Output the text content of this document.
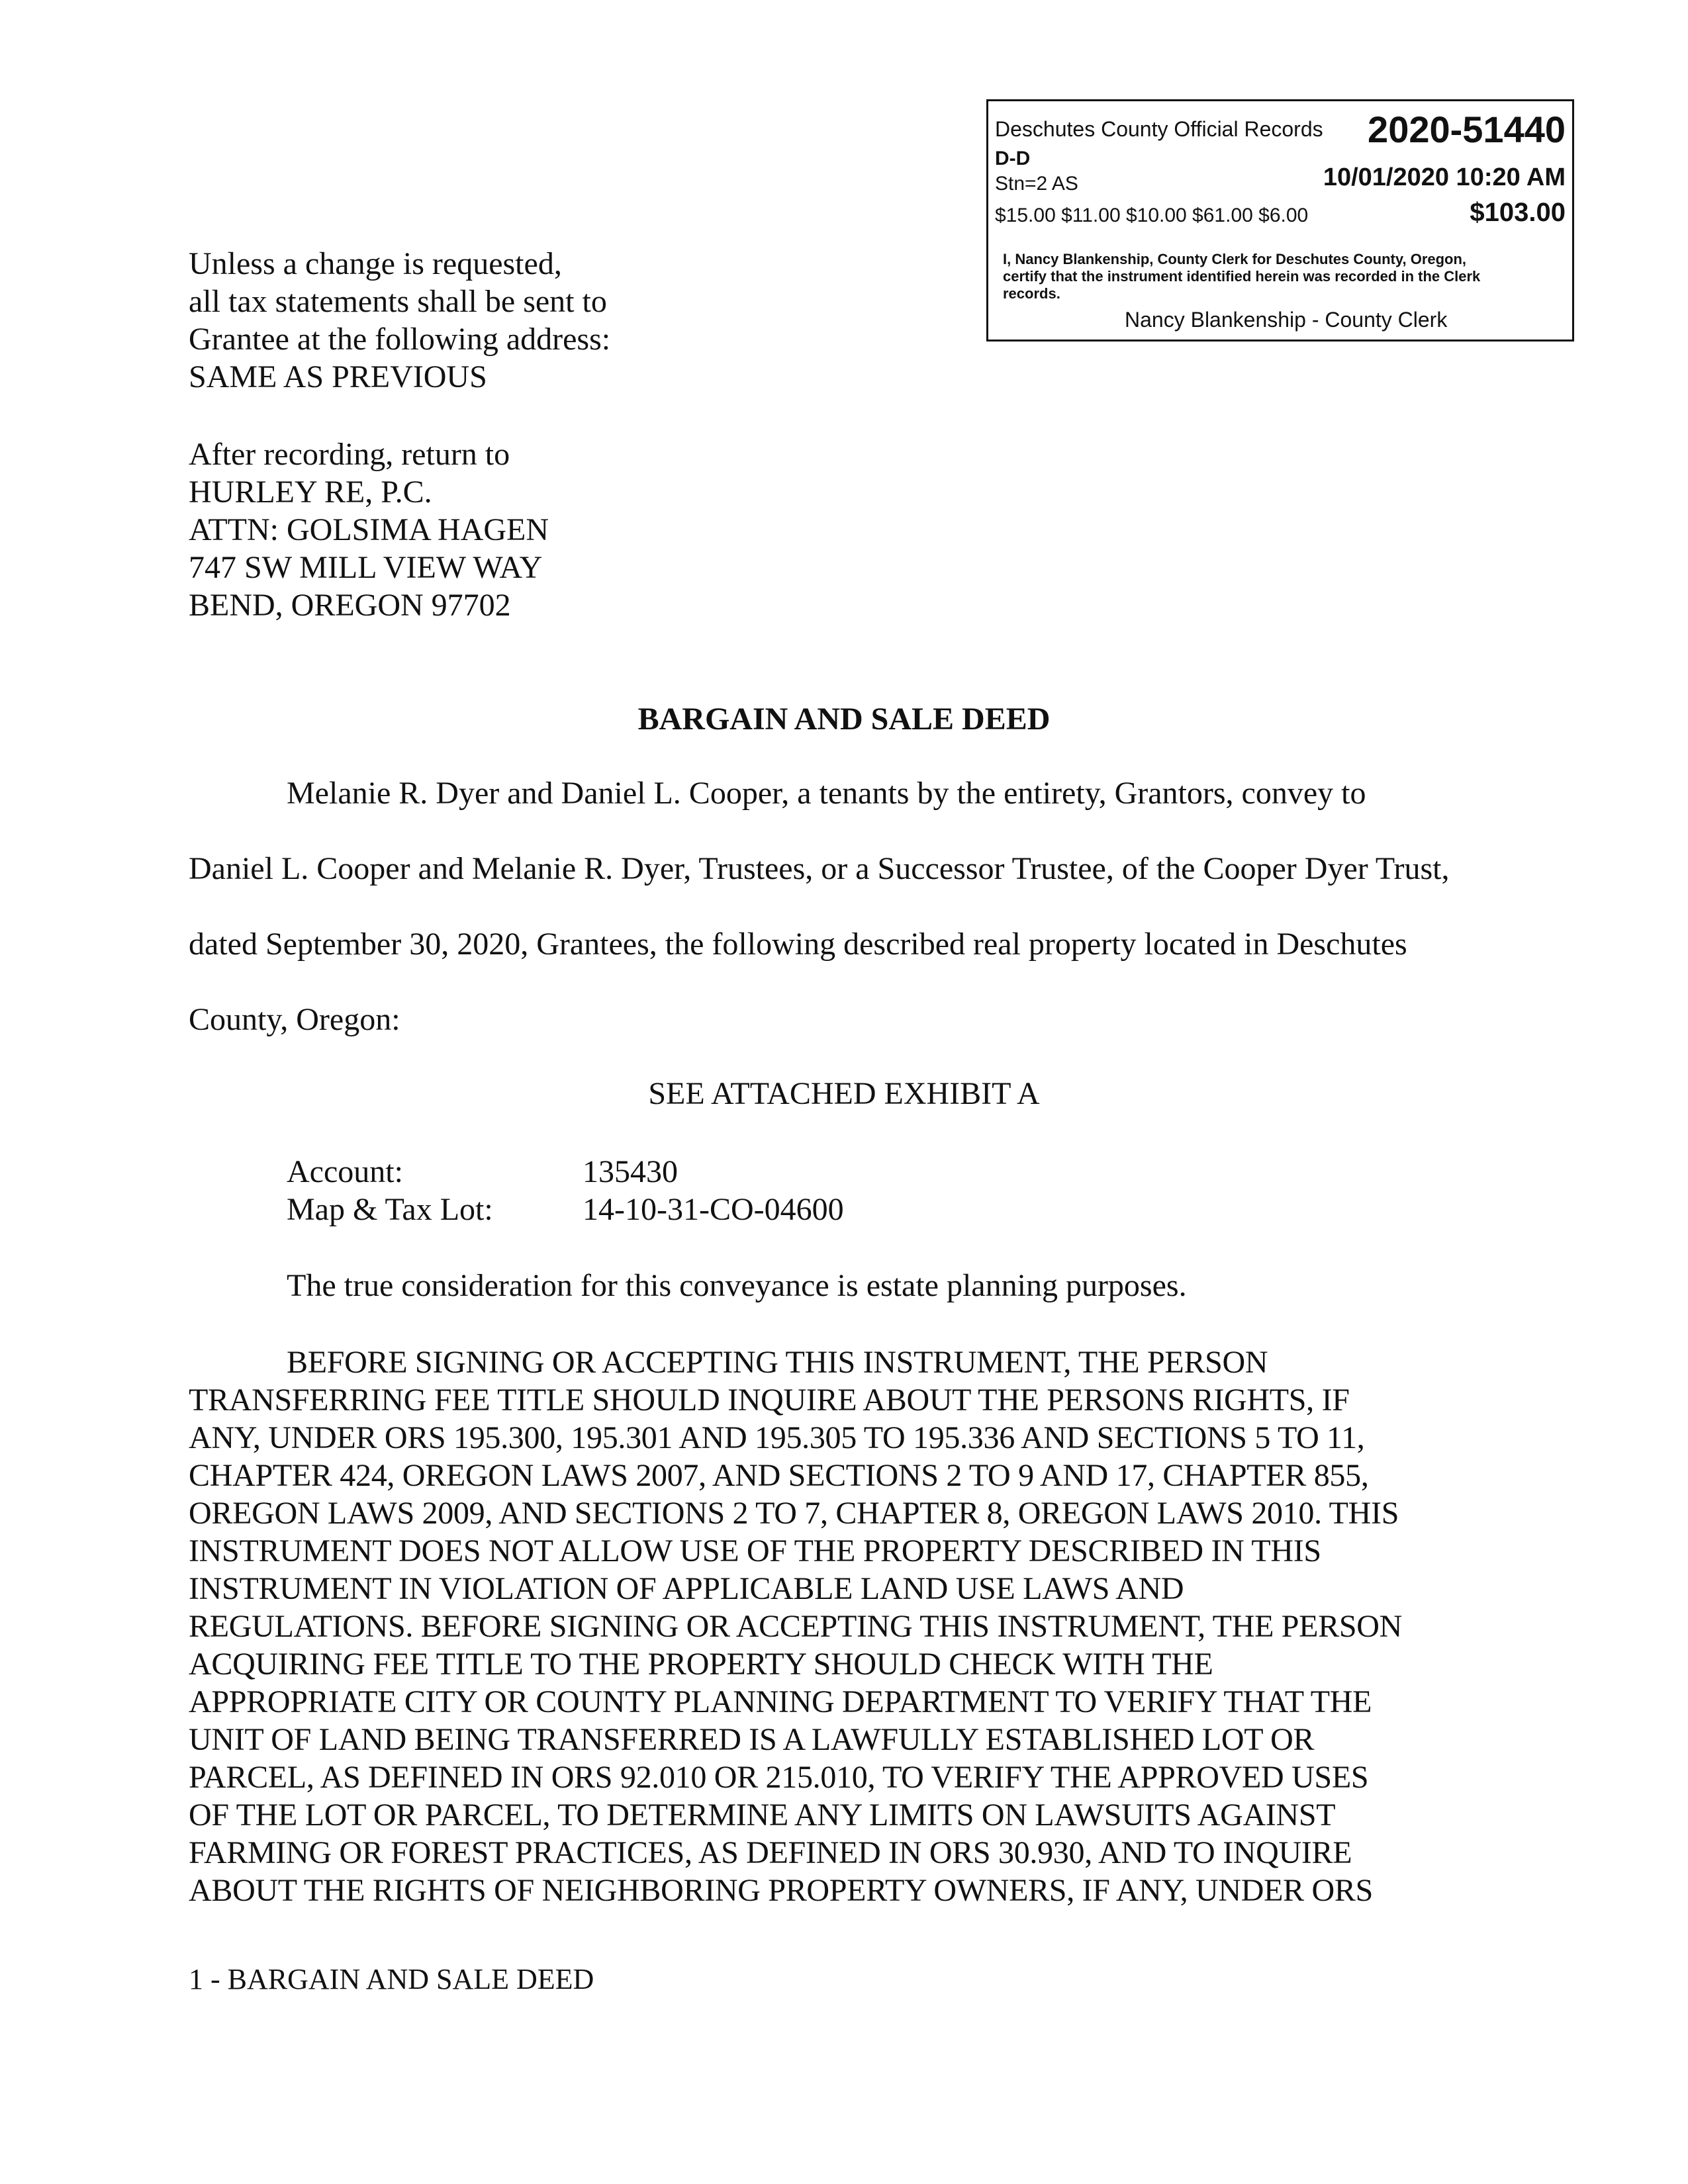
Deschutes County Official Records 2020-51440
D-D
Stn=2 AS	10/01/2020 10:20 AM
$15.00 $11.00 $10.00 $61.00 $6.00	$103.00
I, Nancy Blankenship, County Clerk for Deschutes County, Oregon,
certify that the instrument identified herein was recorded in the Clerk
records.
Nancy Blankenship - County Clerk
Unless a change is requested,
all tax statements shall be sent to
Grantee at the following address:
SAME AS PREVIOUS
After recording, return to
HURLEY RE, P.C.
ATTN: GOLSIMA HAGEN
747 SW MILL VIEW WAY
BEND, OREGON 97702
BARGAIN AND SALE DEED
Melanie R. Dyer and Daniel L. Cooper, a tenants by the entirety, Grantors, convey to
Daniel L. Cooper and Melanie R. Dyer, Trustees, or a Successor Trustee, of the Cooper Dyer Trust,
dated September 30, 2020, Grantees, the following described real property located in Deschutes
County, Oregon:
SEE ATTACHED EXHIBIT A
Account:	135430
Map & Tax Lot:	14-10-31-CO-04600
The true consideration for this conveyance is estate planning purposes.
BEFORE SIGNING OR ACCEPTING THIS INSTRUMENT, THE PERSON
TRANSFERRING FEE TITLE SHOULD INQUIRE ABOUT THE PERSONS RIGHTS, IF
ANY, UNDER ORS 195.300, 195.301 AND 195.305 TO 195.336 AND SECTIONS 5 TO 11,
CHAPTER 424, OREGON LAWS 2007, AND SECTIONS 2 TO 9 AND 17, CHAPTER 855,
OREGON LAWS 2009, AND SECTIONS 2 TO 7, CHAPTER 8, OREGON LAWS 2010. THIS
INSTRUMENT DOES NOT ALLOW USE OF THE PROPERTY DESCRIBED IN THIS
INSTRUMENT IN VIOLATION OF APPLICABLE LAND USE LAWS AND
REGULATIONS. BEFORE SIGNING OR ACCEPTING THIS INSTRUMENT, THE PERSON
ACQUIRING FEE TITLE TO THE PROPERTY SHOULD CHECK WITH THE
APPROPRIATE CITY OR COUNTY PLANNING DEPARTMENT TO VERIFY THAT THE
UNIT OF LAND BEING TRANSFERRED IS A LAWFULLY ESTABLISHED LOT OR
PARCEL, AS DEFINED IN ORS 92.010 OR 215.010, TO VERIFY THE APPROVED USES
OF THE LOT OR PARCEL, TO DETERMINE ANY LIMITS ON LAWSUITS AGAINST
FARMING OR FOREST PRACTICES, AS DEFINED IN ORS 30.930, AND TO INQUIRE
ABOUT THE RIGHTS OF NEIGHBORING PROPERTY OWNERS, IF ANY, UNDER ORS
1 - BARGAIN AND SALE DEED
